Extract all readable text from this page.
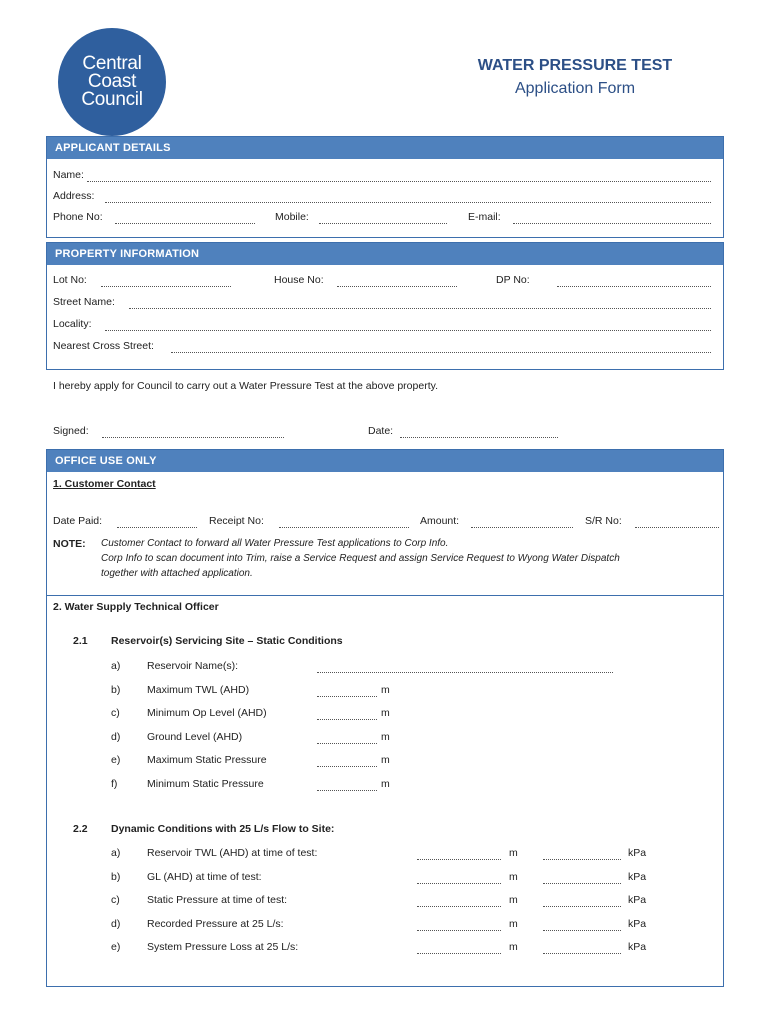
Central
Coast
Council
WATER PRESSURE TEST
Application Form
APPLICANT DETAILS
Name:
Address:
Phone No:	Mobile:	E-mail:
PROPERTY INFORMATION
Lot No:	House No:	DP No:
Street Name:
Locality:
Nearest Cross Street:
I hereby apply for Council to carry out a Water Pressure Test at the above property.
Signed:	Date:
OFFICE USE ONLY
1. Customer Contact
Date Paid:	Receipt No:	Amount:	S/R No:
NOTE: Customer Contact to forward all Water Pressure Test applications to Corp Info.
Corp Info to scan document into Trim, raise a Service Request and assign Service Request to Wyong Water Dispatch
together with attached application.
2. Water Supply Technical Officer
2.1 Reservoir(s) Servicing Site – Static Conditions
a)	Reservoir Name(s):
b)	Maximum TWL (AHD)	m
c)	Minimum Op Level (AHD)	m
d)	Ground Level (AHD)	m
e)	Maximum Static Pressure	m
f)	Minimum Static Pressure	m
2.2 Dynamic Conditions with 25 L/s Flow to Site:
a)	Reservoir TWL (AHD) at time of test:	m	kPa
b)	GL (AHD) at time of test:	m	kPa
c)	Static Pressure at time of test:	m	kPa
d)	Recorded Pressure at 25 L/s:	m	kPa
e)	System Pressure Loss at 25 L/s:	m	kPa
